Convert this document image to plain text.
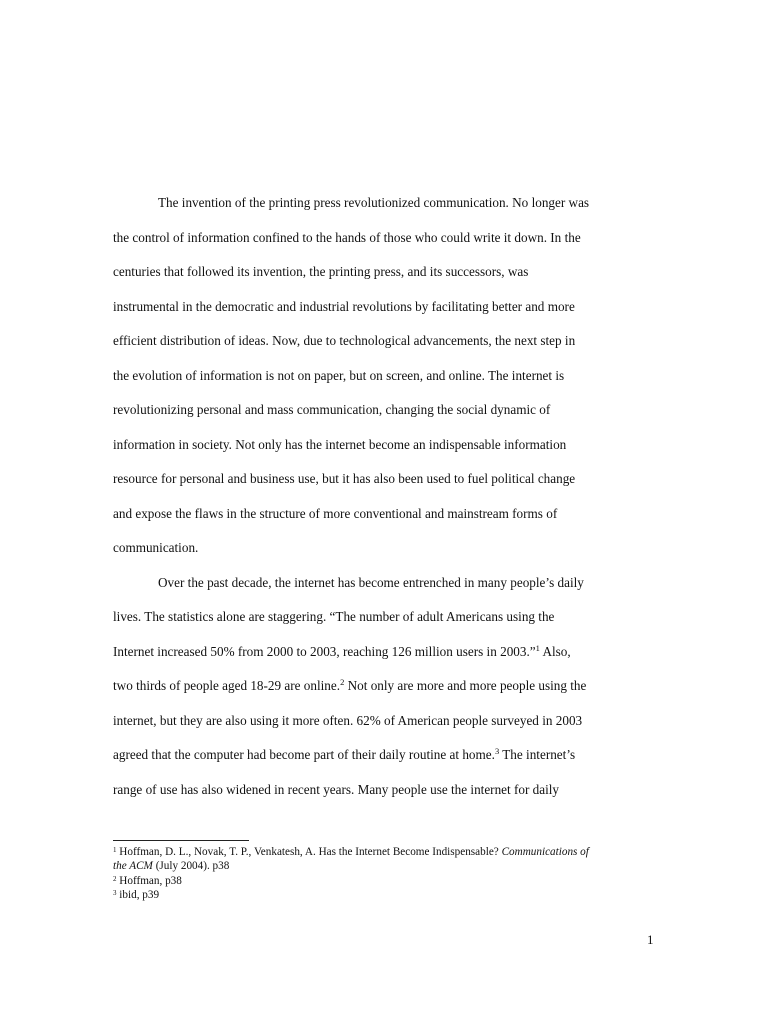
The invention of the printing press revolutionized communication. No longer was
the control of information confined to the hands of those who could write it down. In the
centuries that followed its invention, the printing press, and its successors, was
instrumental in the democratic and industrial revolutions by facilitating better and more
efficient distribution of ideas. Now, due to technological advancements, the next step in
the evolution of information is not on paper, but on screen, and online. The internet is
revolutionizing personal and mass communication, changing the social dynamic of
information in society. Not only has the internet become an indispensable information
resource for personal and business use, but it has also been used to fuel political change
and expose the flaws in the structure of more conventional and mainstream forms of
communication.
Over the past decade, the internet has become entrenched in many people’s daily
lives. The statistics alone are staggering. “The number of adult Americans using the
Internet increased 50% from 2000 to 2003, reaching 126 million users in 2003.”$^1$ Also,
two thirds of people aged 18-29 are online.$^2$ Not only are more and more people using the
internet, but they are also using it more often. 62% of American people surveyed in 2003
agreed that the computer had become part of their daily routine at home.$^3$ The internet’s
range of use has also widened in recent years. Many people use the internet for daily
$^1$ Hoffman, D. L., Novak, T. P., Venkatesh, A. Has the Internet Become Indispensable? Communications of
the ACM (July 2004). p38
$^2$ Hoffman, p38
$^3$ ibid, p39
1
